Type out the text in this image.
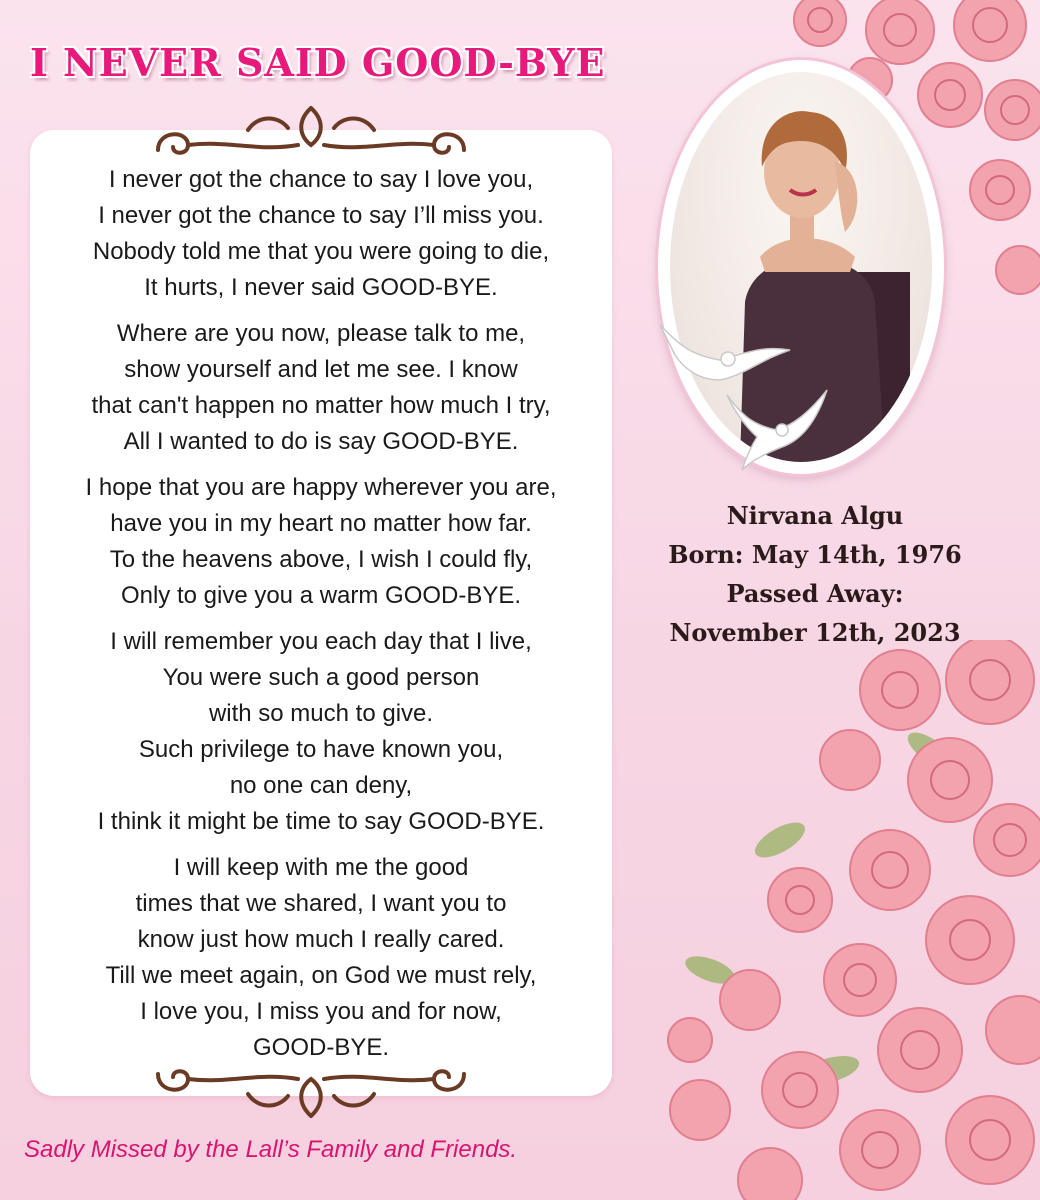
I NEVER SAID GOOD-BYE
I never got the chance to say I love you,
I never got the chance to say I’ll miss you.
Nobody told me that you were going to die,
It hurts, I never said GOOD-BYE.
Where are you now, please talk to me,
show yourself and let me see. I know
that can't happen no matter how much I try,
All I wanted to do is say GOOD-BYE.
I hope that you are happy wherever you are,
have you in my heart no matter how far.
To the heavens above, I wish I could fly,
Only to give you a warm GOOD-BYE.
I will remember you each day that I live,
You were such a good person
with so much to give.
Such privilege to have known you,
no one can deny,
I think it might be time to say GOOD-BYE.
I will keep with me the good
times that we shared, I want you to
know just how much I really cared.
Till we meet again, on God we must rely,
I love you, I miss you and for now,
GOOD-BYE.
Nirvana Algu
Born: May 14th, 1976
Passed Away:
November 12th, 2023

Sadly Missed by the Lall’s Family and Friends.
